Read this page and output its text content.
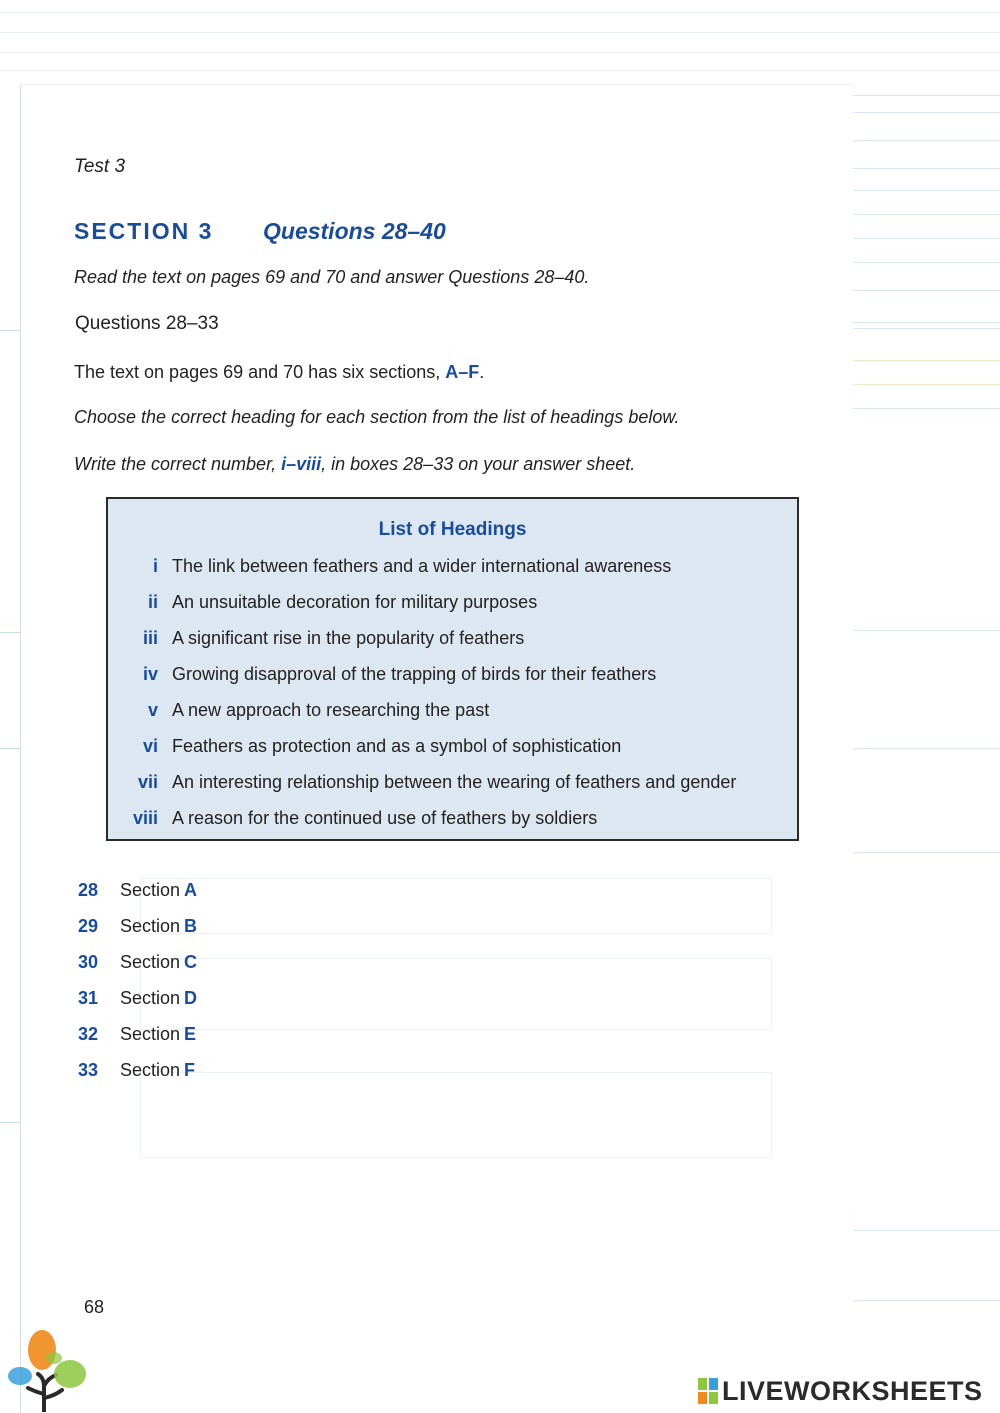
Test 3
SECTION 3 Questions 28–40
Read the text on pages 69 and 70 and answer Questions 28–40.
Questions 28–33
The text on pages 69 and 70 has six sections, A–F.
Choose the correct heading for each section from the list of headings below.
Write the correct number, i–viii, in boxes 28–33 on your answer sheet.
List of Headings
i The link between feathers and a wider international awareness
ii An unsuitable decoration for military purposes
iii A significant rise in the popularity of feathers
iv Growing disapproval of the trapping of birds for their feathers
v A new approach to researching the past
vi Feathers as protection and as a symbol of sophistication
vii An interesting relationship between the wearing of feathers and gender
viii A reason for the continued use of feathers by soldiers
28 Section A
29 Section B
30 Section C
31 Section D
32 Section E
33 Section F
68
LIVEWORKSHEETS
